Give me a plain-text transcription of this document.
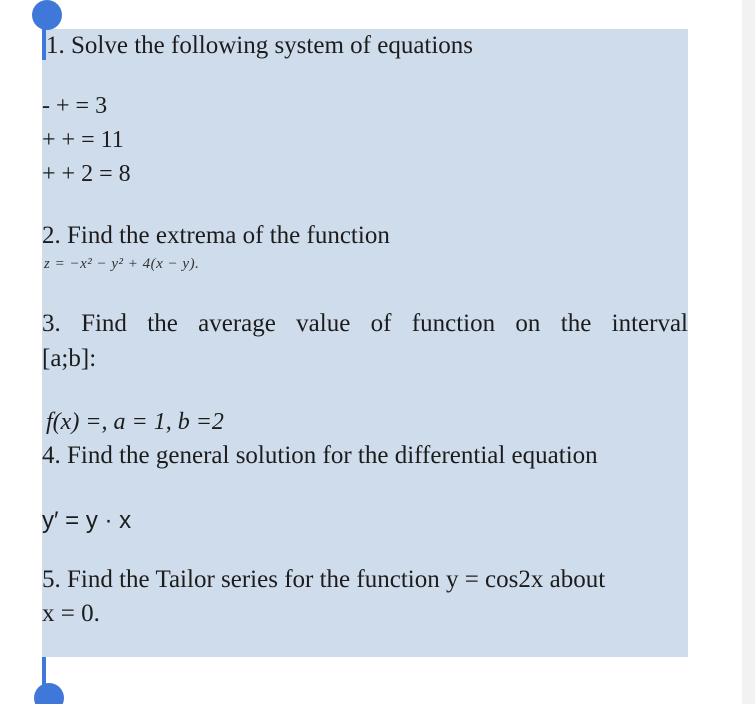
1. Solve the following system of equations
- + = 3
+ + = 11
+ + 2 = 8
2. Find the extrema of the function
z = −x² − y² + 4(x − y).
3. Find the average value of function on the interval
[a;b]:
f(x) =, a = 1, b =2
4. Find the general solution for the differential equation
y′ = y · x
5. Find the Tailor series for the function y = cos2x about
x = 0.
